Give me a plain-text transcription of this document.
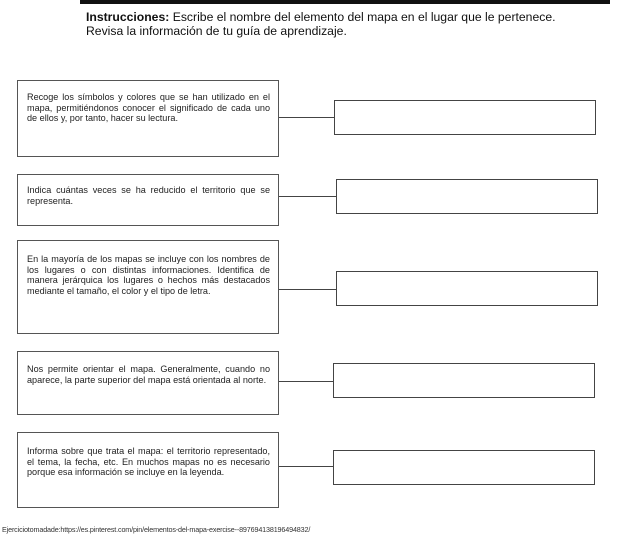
Instrucciones: Escribe el nombre del elemento del mapa en el lugar que le pertenece.
Revisa la información de tu guía de aprendizaje.
Recoge los símbolos y colores que se han utilizado en el mapa, permitiéndonos conocer el significado de cada uno de ellos y, por tanto, hacer su lectura.
Indica cuántas veces se ha reducido el territorio que se representa.
En la mayoría de los mapas se incluye con los nombres de los lugares o con distintas informaciones. Identifica de manera jerárquica los lugares o hechos más destacados mediante el tamaño, el color y el tipo de letra.
Nos permite orientar el mapa. Generalmente, cuando no aparece, la parte superior del mapa está orientada al norte.
Informa sobre que trata el mapa: el territorio representado, el tema, la fecha, etc. En muchos mapas no es necesario porque esa información se incluye en la leyenda.
Ejerciciotomadade:https://es.pinterest.com/pin/elementos-del-mapa-exercise--897694138196494832/
